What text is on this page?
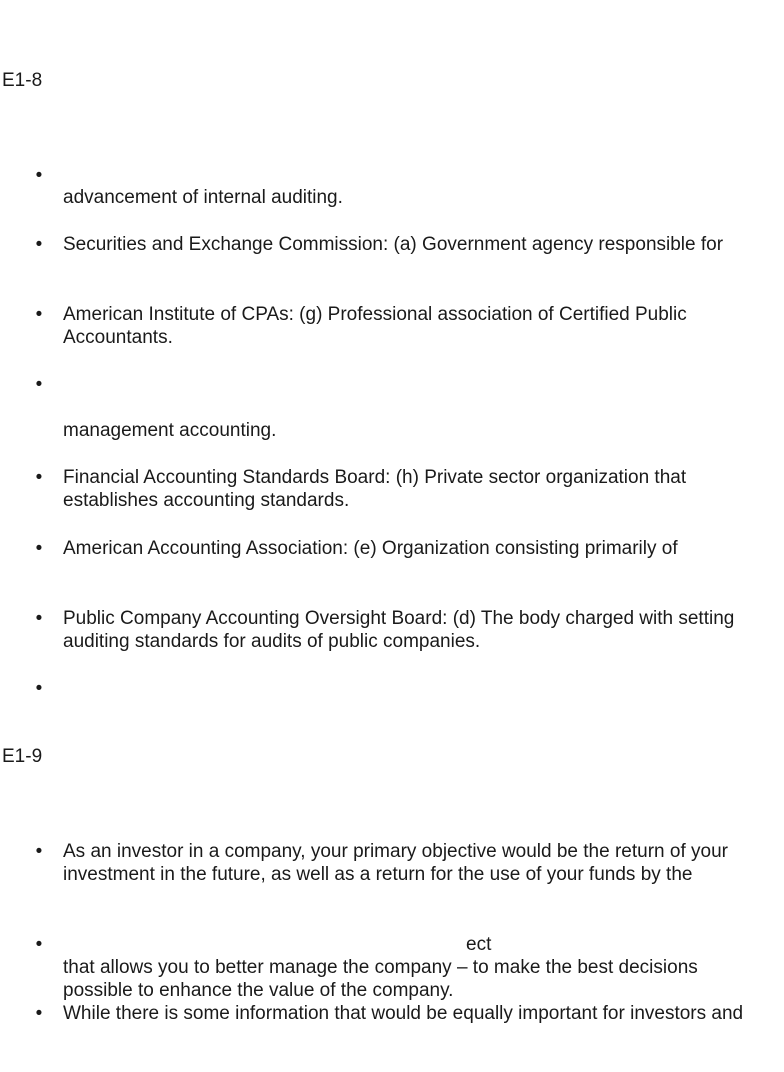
E1-8
•
advancement of internal auditing.
• Securities and Exchange Commission: (a) Government agency responsible for
• American Institute of CPAs: (g) Professional association of Certified Public
Accountants.
•
management accounting.
• Financial Accounting Standards Board: (h) Private sector organization that
establishes accounting standards.
• American Accounting Association: (e) Organization consisting primarily of
• Public Company Accounting Oversight Board: (d) The body charged with setting
auditing standards for audits of public companies.
•
E1-9
• As an investor in a company, your primary objective would be the return of your
investment in the future, as well as a return for the use of your funds by the
•	ect
that allows you to better manage the company – to make the best decisions
possible to enhance the value of the company.
• While there is some information that would be equally important for investors and
